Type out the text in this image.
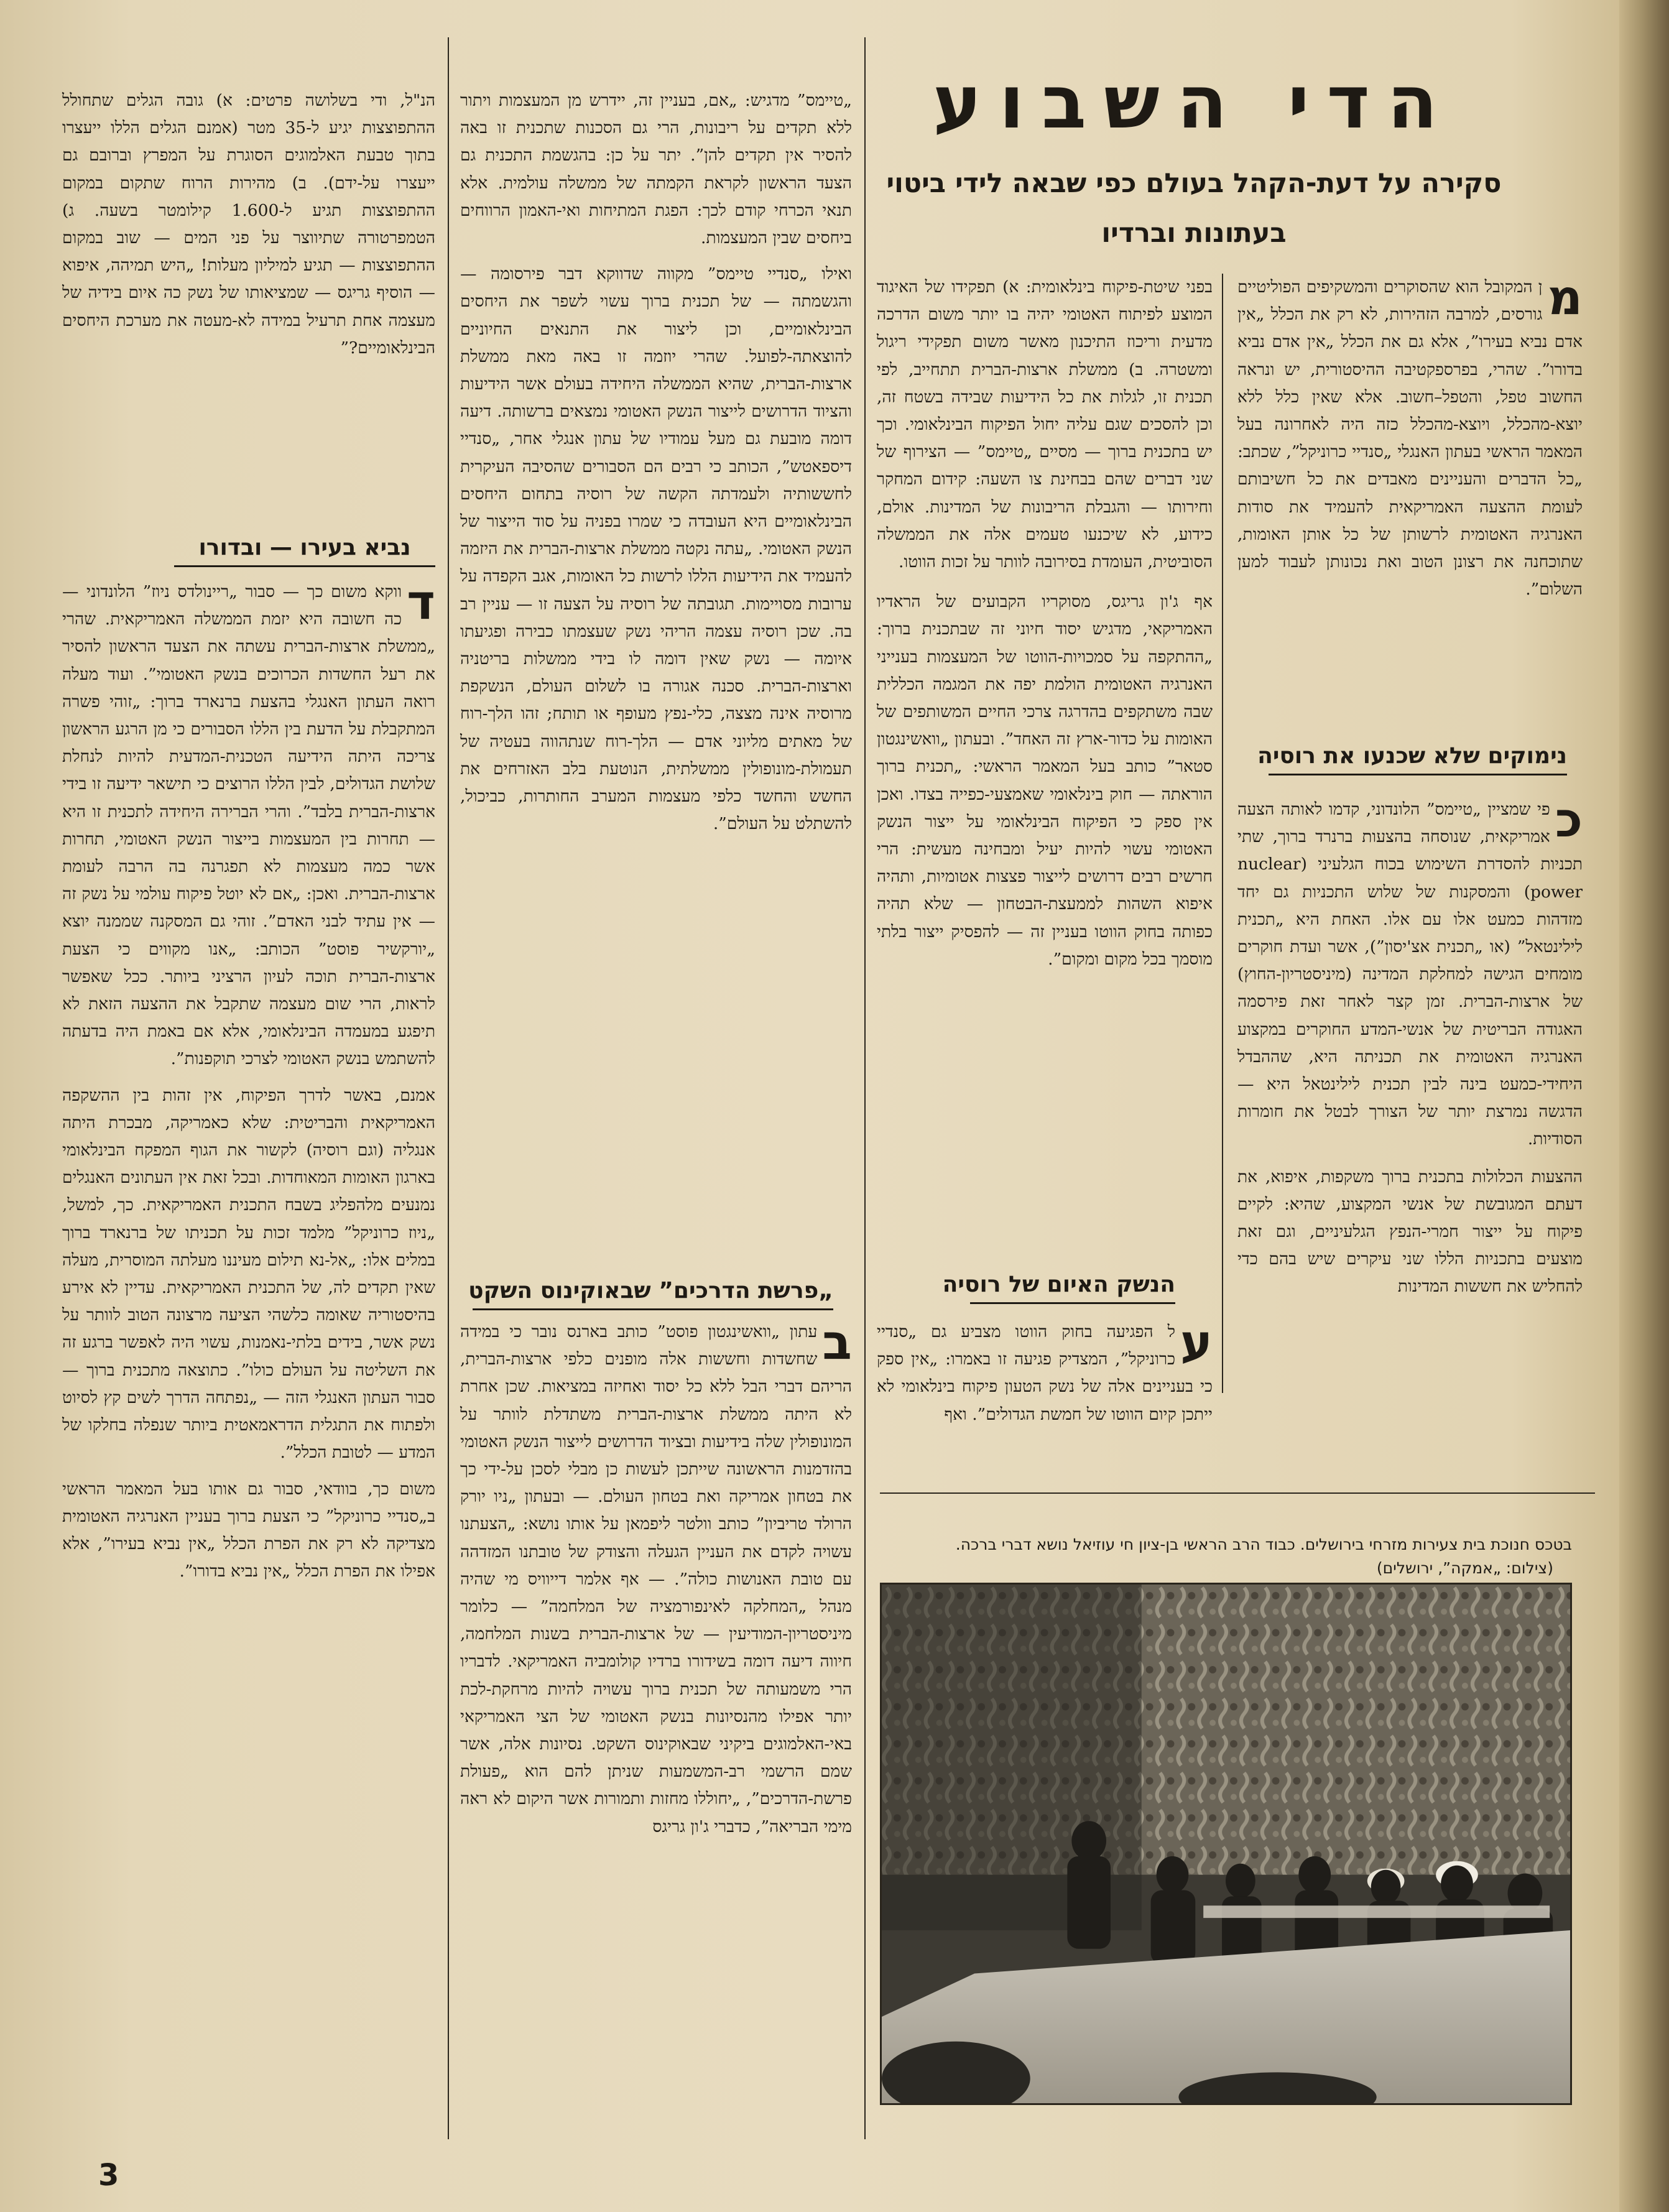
הדי השבוע
סקירה על דעת-הקהל בעולם כפי שבאה לידי ביטוי
בעתונות וברדיו

מ
ן המקובל הוא שהסוקרים והמשקיפים הפוליטיים גורסים, למרבה הזהירות, לא רק את הכלל „אין אדם נביא בעירו”, אלא גם את הכלל „אין אדם נביא בדורו”. שהרי, בפרספקטיבה ההיסטורית, יש ונראה החשוב טפל, והטפל–חשוב. אלא שאין כלל ללא יוצא-מהכלל, ויוצא-מהכלל כזה היה לאחרונה בעל המאמר הראשי בעתון האנגלי „סנדיי כרוניקל”, שכתב: „כל הדברים והעניינים מאבדים את כל חשיבותם לעומת ההצעה האמריקאית להעמיד את סודות האנרגיה האטומית לרשותן של כל אותן האומות, שתוכחנה את רצונן הטוב ואת נכונותן לעבוד למען השלום”.

נימוקים שלא שכנעו את רוסיה

כ
פי שמציין „טיימס” הלונדוני, קדמו לאותה הצעה אמריקאית, שנוסחה בהצעות ברנרד ברוך, שתי תכניות להסדרת השימוש בכוח הגלעיני (nuclear power) והמסקנות של שלוש התכניות גם יחד מזדהות כמעט אלו עם אלו. האחת היא „תכנית לילינטאל” (או „תכנית אצ'יסון”), אשר ועדת חוקרים מומחים הגישה למחלקת המדינה (מיניסטריון-החוץ) של ארצות-הברית. זמן קצר לאחר זאת פירסמה האגודה הבריטית של אנשי-המדע החוקרים במקצוע האנרגיה האטומית את תכניתה היא, שההבדל היחידי-כמעט בינה לבין תכנית לילינטאל היא — הדגשה נמרצת יותר של הצורך לבטל את חומרות הסודיות.

ההצעות הכלולות בתכנית ברוך משקפות, איפוא, את דעתם המגובשת של אנשי המקצוע, שהיא: לקיים פיקוח על ייצור חמרי-הנפץ הגלעיניים, וגם זאת מוצעים בתכניות הללו שני עיקרים שיש בהם כדי להחליש את חששות המדינות

בפני שיטת-פיקוח בינלאומית: א) תפקידו של האיגוד המוצע לפיתוח האטומי יהיה בו יותר משום הדרכה מדעית וריכוז התיכנון מאשר משום תפקידי ריגול ומשטרה. ב) ממשלת ארצות-הברית תתחייב, לפי תכנית זו, לגלות את כל הידיעות שבידה בשטח זה, וכן להסכים שגם עליה יחול הפיקוח הבינלאומי. וכך יש בתכנית ברוך — מסיים „טיימס” — הצירוף של שני דברים שהם בבחינת צו השעה: קידום המחקר וחירותו — והגבלת הריבונות של המדינות. אולם, כידוע, לא שיכנעו טעמים אלה את הממשלה הסוביטית, העומדת בסירובה לוותר על זכות הווטו.

אף ג'ון גריגס, מסוקריו הקבועים של הראדיו האמריקאי, מדגיש יסוד חיוני זה שבתכנית ברוך: „ההתקפה על סמכויות-הווטו של המעצמות בענייני האנרגיה האטומית הולמת יפה את המגמה הכללית שבה משתקפים בהדרגה צרכי החיים המשותפים של האומות על כדור-ארץ זה האחד”. ובעתון „וואשינגטון סטאר” כותב בעל המאמר הראשי: „תכנית ברוך הוראתה — חוק בינלאומי שאמצעי-כפייה בצדו. ואכן אין ספק כי הפיקוח הבינלאומי על ייצור הנשק האטומי עשוי להיות יעיל ומבחינה מעשית: הרי חרשים רבים דרושים לייצור פצצות אטומיות, ותהיה איפוא השהות לממעצת-הבטחון — שלא תהיה כפותה בחוק הווטו בעניין זה — להפסיק ייצור בלתי מוסמך בכל מקום ומקום”.

הנשק האיום של רוסיה

ע
ל הפגיעה בחוק הווטו מצביע גם „סנדיי כרוניקל”, המצדיק פגיעה זו באמרו: „אין ספק כי בעניינים אלה של נשק הטעון פיקוח בינלאומי לא ייתכן קיום הווטו של חמשת הגדולים”. ואף

בטכס חנוכת בית צעירות מזרחי בירושלים. כבוד הרב הראשי בן-ציון חי עוזיאל נושא דברי ברכה. (צילום: „אמקה”, ירושלים)

„טיימס” מדגיש: „אם, בעניין זה, יידרש מן המעצמות ויתור ללא תקדים על ריבונות, הרי גם הסכנות שתכנית זו באה להסיר אין תקדים להן”. יתר על כן: בהגשמת התכנית גם הצעד הראשון לקראת הקמתה של ממשלה עולמית. אלא תנאי הכרחי קודם לכך: הפגת המתיחות ואי-האמון הרווחים ביחסים שבין המעצמות.

ואילו „סנדיי טיימס” מקווה שדווקא דבר פירסומה — והגשמתה — של תכנית ברוך עשוי לשפר את היחסים הבינלאומיים, וכן ליצור את התנאים החיוניים להוצאתה-לפועל. שהרי יוזמה זו באה מאת ממשלת ארצות-הברית, שהיא הממשלה היחידה בעולם אשר הידיעות והציוד הדרושים לייצור הנשק האטומי נמצאים ברשותה. דיעה דומה מובעת גם מעל עמודיו של עתון אנגלי אחר, „סנדיי דיספאטש”, הכותב כי רבים הם הסבורים שהסיבה העיקרית לחששותיה ולעמדתה הקשה של רוסיה בתחום היחסים הבינלאומיים היא העובדה כי שמרו בפניה על סוד הייצור של הנשק האטומי. „עתה נקטה ממשלת ארצות-הברית את היזמה להעמיד את הידיעות הללו לרשות כל האומות, אגב הקפדה על ערובות מסויימות. תגובתה של רוסיה על הצעה זו — עניין רב בה. שכן רוסיה עצמה הריהי נשק שעצמתו כבירה ופגיעתו איומה — נשק שאין דומה לו בידי ממשלות בריטניה וארצות-הברית. סכנה אגורה בו לשלום העולם, הנשקפת מרוסיה אינה מצצה, כלי-נפץ מעופף או תותח; זהו הלך-רוח של מאתים מליוני אדם — הלך-רוח שנתהווה בעטיה של תעמולת-מונופולין ממשלתית, הנוטעת בלב האזרחים את החשש והחשד כלפי מעצמות המערב החותרות, כביכול, להשתלט על העולם”.

„פרשת הדרכים” שבאוקינוס השקט

ב
עתון „וואשינגטון פוסט” כותב בארנס נובר כי במידה שחשדות וחששות אלה מופנים כלפי ארצות-הברית, הריהם דברי הבל ללא כל יסוד ואחיזה במציאות. שכן אחרת לא היתה ממשלת ארצות-הברית משתדלת לוותר על המונופולין שלה בידיעות ובציוד הדרושים לייצור הנשק האטומי בהזדמנות הראשונה שייתכן לעשות כן מבלי לסכן על-ידי כך את בטחון אמריקה ואת בטחון העולם. — ובעתון „ניו יורק הרולד טריביון” כותב וולטר ליפמאן על אותו נושא: „הצעתנו עשויה לקדם את העניין הגעלה והצודק של טובתנו המזדהה עם טובת האנושות כולה”. — אף אלמר דייוויס מי שהיה מנהל „המחלקה לאינפורמציה של המלחמה” — כלומר מיניסטריון-המודיעין — של ארצות-הברית בשנות המלחמה, חיווה דיעה דומה בשידורו ברדיו קולומביה האמריקאי. לדבריו הרי משמעותה של תכנית ברוך עשויה להיות מרחקת-לכת יותר אפילו מהנסיונות בנשק האטומי של הצי האמריקאי באי-האלמוגים ביקיני שבאוקינוס השקט. נסיונות אלה, אשר שמם הרשמי רב-המשמעות שניתן להם הוא „פעולת פרשת-הדרכים”, „יחוללו מחזות ותמורות אשר היקום לא ראה מימי הבריאה”, כדברי ג'ון גריגס

הנ"ל, ודי בשלושה פרטים: א) גובה הגלים שתחולל ההתפוצצות יגיע ל-35 מטר (אמנם הגלים הללו ייעצרו בתוך טבעת האלמוגים הסוגרת על המפרץ וברובם גם ייעצרו על-ידם). ב) מהירות הרוח שתקום במקום ההתפוצצות תגיע ל-1.600 קילומטר בשעה. ג) הטמפרטורה שתיווצר על פני המים — שוב במקום ההתפוצצות — תגיע למיליון מעלות! „היש תמיהה, איפוא — הוסיף גריגס — שמציאותו של נשק כה איום בידיה של מעצמה אחת תרעיל במידה לא-מעטה את מערכת היחסים הבינלאומיים?”

נביא בעירו — ובדורו

ד
ווקא משום כך — סבור „ריינולדס ניוז” הלונדוני — כה חשובה היא יזמת הממשלה האמריקאית. שהרי „ממשלת ארצות-הברית עשתה את הצעד הראשון להסיר את רעל החשדות הכרוכים בנשק האטומי”. ועוד מעלה רואה העתון האנגלי בהצעת ברנארד ברוך: „זוהי פשרה המתקבלת על הדעת בין הללו הסבורים כי מן הרגע הראשון צריכה היתה הידיעה הטכנית-המדעית להיות לנחלת שלושת הגדולים, לבין הללו הרוצים כי תישאר ידיעה זו בידי ארצות-הברית בלבד”. והרי הברירה היחידה לתכנית זו היא — תחרות בין המעצמות בייצור הנשק האטומי, תחרות אשר כמה מעצמות לא תפגרנה בה הרבה לעומת ארצות-הברית. ואכן: „אם לא יוטל פיקוח עולמי על נשק זה — אין עתיד לבני האדם”. זוהי גם המסקנה שממנה יוצא „יורקשיר פוסט” הכותב: „אנו מקווים כי הצעת ארצות-הברית תוכה לעיון הרציני ביותר. ככל שאפשר לראות, הרי שום מעצמה שתקבל את ההצעה הזאת לא תיפגע במעמדה הבינלאומי, אלא אם באמת היה בדעתה להשתמש בנשק האטומי לצרכי תוקפנות”.

אמנם, באשר לדרך הפיקוח, אין זהות בין ההשקפה האמריקאית והבריטית: שלא כאמריקה, מבכרת היתה אנגליה (וגם רוסיה) לקשור את הגוף המפקח הבינלאומי בארגון האומות המאוחדות. ובכל זאת אין העתונים האנגלים נמנעים מלהפליג בשבח התכנית האמריקאית. כך, למשל, „ניוז כרוניקל” מלמד זכות על תכניתו של ברנארד ברוך במלים אלו: „אל-נא תילום מעיננו מעלתה המוסרית, מעלה שאין תקדים לה, של התכנית האמריקאית. עדיין לא אירע בהיסטוריה שאומה כלשהי הציעה מרצונה הטוב לוותר על נשק אשר, בידים בלתי-נאמנות, עשוי היה לאפשר ברגע זה את השליטה על העולם כולו”. כתוצאה מתכנית ברוך — סבור העתון האנגלי הזה — „נפתחה הדרך לשים קץ לסיוט ולפתוח את התגלית הדראמאטית ביותר שנפלה בחלקו של המדע — לטובת הכלל”.

משום כך, בוודאי, סבור גם אותו בעל המאמר הראשי ב„סנדיי כרוניקל” כי הצעת ברוך בעניין האנרגיה האטומית מצדיקה לא רק את הפרת הכלל „אין נביא בעירו”, אלא אפילו את הפרת הכלל „אין נביא בדורו”.

3
